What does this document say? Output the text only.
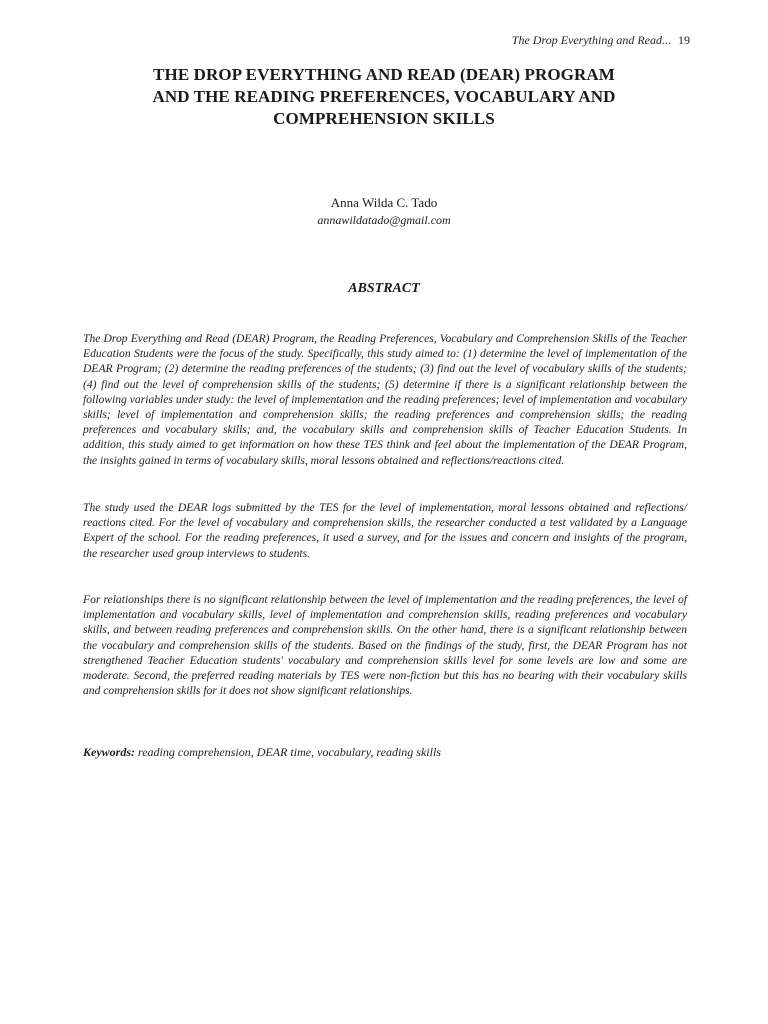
The Drop Everything and Read... 19
THE DROP EVERYTHING AND READ (DEAR) PROGRAM
AND THE READING PREFERENCES, VOCABULARY AND
COMPREHENSION SKILLS
Anna Wilda C. Tado
annawildatado@gmail.com
ABSTRACT

The Drop Everything and Read (DEAR) Program, the Reading Preferences, Vocabulary and Comprehension Skills of the Teacher Education Students were the focus of the study. Specifically, this study aimed to: (1) determine the level of implementation of the DEAR Program; (2) determine the reading preferences of the students; (3) find out the level of vocabulary skills of the students; (4) find out the level of comprehension skills of the students; (5) determine if there is a significant relationship between the following variables under study: the level of implementation and the reading preferences; level of implementation and vocabulary skills; level of implementation and comprehension skills; the reading preferences and comprehension skills; the reading preferences and vocabulary skills; and, the vocabulary skills and comprehension skills of Teacher Education Students. In addition, this study aimed to get information on how these TES think and feel about the implementation of the DEAR Program, the insights gained in terms of vocabulary skills, moral lessons obtained and reflections/reactions cited.

The study used the DEAR logs submitted by the TES for the level of implementation, moral lessons obtained and reflections/ reactions cited. For the level of vocabulary and comprehension skills, the researcher conducted a test validated by a Language Expert of the school. For the reading preferences, it used a survey, and for the issues and concern and insights of the program, the researcher used group interviews to students.

For relationships there is no significant relationship between the level of implementation and the reading preferences, the level of implementation and vocabulary skills, level of implementation and comprehension skills, reading preferences and vocabulary skills, and between reading preferences and comprehension skills. On the other hand, there is a significant relationship between the vocabulary and comprehension skills of the students. Based on the findings of the study, first, the DEAR Program has not strengthened Teacher Education students' vocabulary and comprehension skills level for some levels are low and some are moderate. Second, the preferred reading materials by TES were non-fiction but this has no bearing with their vocabulary skills and comprehension skills for it does not show significant relationships.

Keywords: reading comprehension, DEAR time, vocabulary, reading skills
